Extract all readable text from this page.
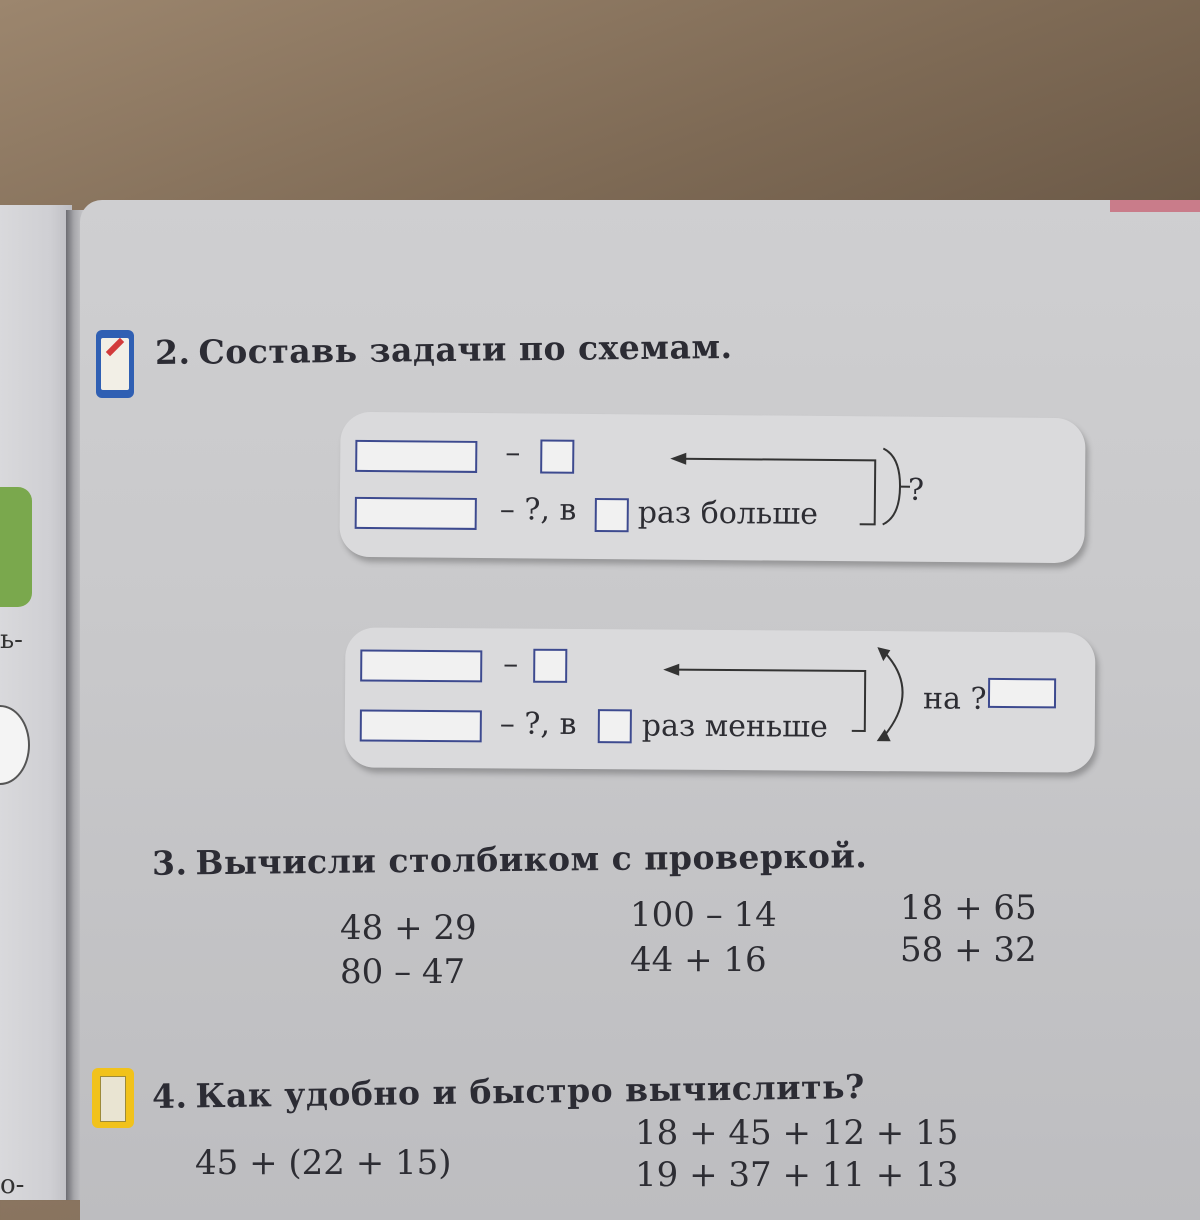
ь-
о-
2. Составь задачи по схемам.
–
– ?, в раз больше
?
–
– ?, в раз меньше
на ?
3. Вычисли столбиком с проверкой.
48 + 29
80 – 47
100 – 14
44 + 16
18 + 65
58 + 32
4. Как удобно и быстро вычислить?
45 + (22 + 15)
18 + 45 + 12 + 15
19 + 37 + 11 + 13
